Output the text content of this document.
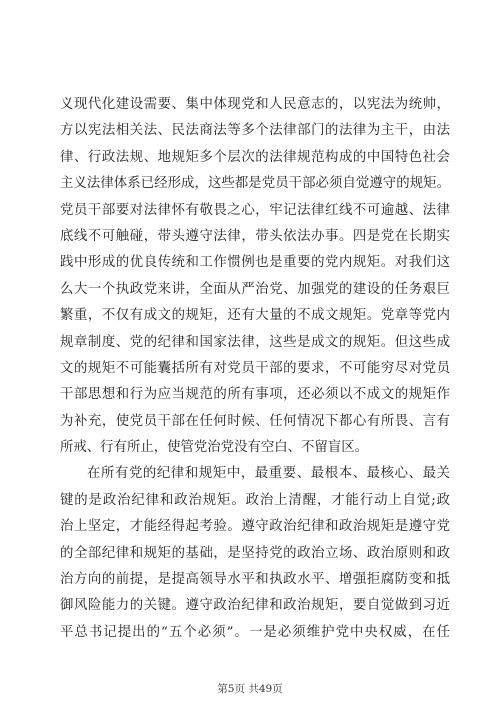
义现代化建设需要、集中体现党和人民意志的，以宪法为统帅，
方以宪法相关法、民法商法等多个法律部门的法律为主干，由法
律、行政法规、地规矩多个层次的法律规范构成的中国特色社会
主义法律体系已经形成，这些都是党员干部必须自觉遵守的规矩。
党员干部要对法律怀有敬畏之心，牢记法律红线不可逾越、法律
底线不可触碰，带头遵守法律，带头依法办事。四是党在长期实
践中形成的优良传统和工作惯例也是重要的党内规矩。对我们这
么大一个执政党来讲，全面从严治党、加强党的建设的任务艰巨
繁重，不仅有成文的规矩，还有大量的不成文规矩。党章等党内
规章制度、党的纪律和国家法律，这些是成文的规矩。但这些成
文的规矩不可能囊括所有对党员干部的要求，不可能穷尽对党员
干部思想和行为应当规范的所有事项，还必须以不成文的规矩作
为补充，使党员干部在任何时候、任何情况下都心有所畏、言有
所戒、行有所止，使管党治党没有空白、不留盲区。
在所有党的纪律和规矩中，最重要、最根本、最核心、最关
键的是政治纪律和政治规矩。政治上清醒，才能行动上自觉;政
治上坚定，才能经得起考验。遵守政治纪律和政治规矩是遵守党
的全部纪律和规矩的基础，是坚持党的政治立场、政治原则和政
治方向的前提，是提高领导水平和执政水平、增强拒腐防变和抵
御风险能力的关键。遵守政治纪律和政治规矩，要自觉做到习近
平总书记提出的“五个必须”。一是必须维护党中央权威，在任
第5页 共49页
